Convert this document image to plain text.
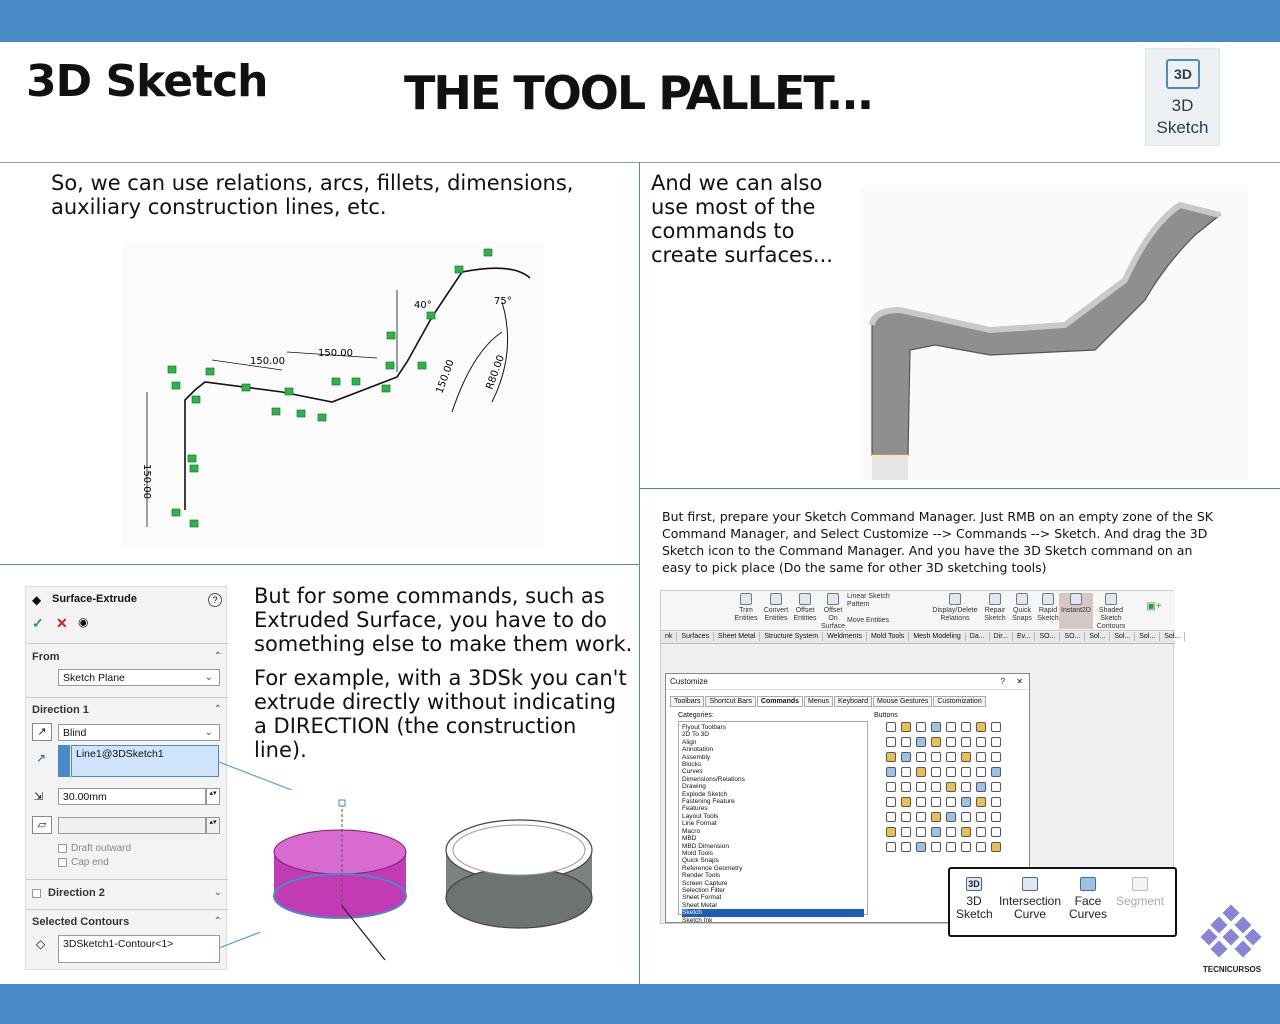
3D Sketch	THE TOOL PALLET...	3D
3D Sketch
So, we can use relations, arcs, fillets, dimensions, auxiliary construction lines, etc.
150.00
150.00
150.00
150.00	R80.00
40°	75°
And we can also use most of the commands to create surfaces...
◆ Surface-Extrude	?
✓ ✕ ◉
From	⌃
Sketch Plane	⌄
Direction 1	⌃
↗	Blind	⌄
↗	Line1@3DSketch1
⇲	30.00mm	▴▾
▱	▴▾
Draft outward
Cap end
Direction 2	⌄
Selected Contours	⌃
◇	3DSketch1-Contour<1>
But for some commands, such as Extruded Surface, you have to do something else to make them work.
For example, with a 3DSk you can't extrude directly without indicating a DIRECTION (the construction line).
But first, prepare your Sketch Command Manager. Just RMB on an empty zone of the SK Command Manager, and Select Customize --> Commands --> Sketch. And drag the 3D Sketch icon to the Command Manager. And you have the 3D Sketch command on an easy to pick place (Do the same for other 3D sketching tools)
Trim Entities
Convert Entities
Offset Entities
Offset On Surface
Linear Sketch Pattern

Move Entities
Display/Delete Relations
Repair Sketch
Quick Snaps
Rapid Sketch
Instant2D	Shaded Sketch Contours
▣+
nk Surfaces Sheet Metal Structure System Weldments Mold Tools Mesh Modeling Da... Dir... Ev... SO... SO... Sol... Sol... Sol... Sol...
Customize	? ✕
Toolbars Shortcut Bars Commands Menus Keyboard Mouse Gestures Customization
Categories:	Buttons
Flyout Toolbars
2D To 3D
Align
Annotation
Assembly
Blocks
Curves
Dimensions/Relations
Drawing
Explode Sketch
Fastening Feature
Features
Layout Tools
Line Format
Macro
MBD
MBD Dimension
Mold Tools
Quick Snaps
Reference Geometry
Render Tools
Screen Capture
Selection Filter
Sheet Format
Sheet Metal
Sketch
Sketch Ink
3D
3D
Sketch
Intersection
Curve
Face
Curves
Segment
TECNICURSOS
